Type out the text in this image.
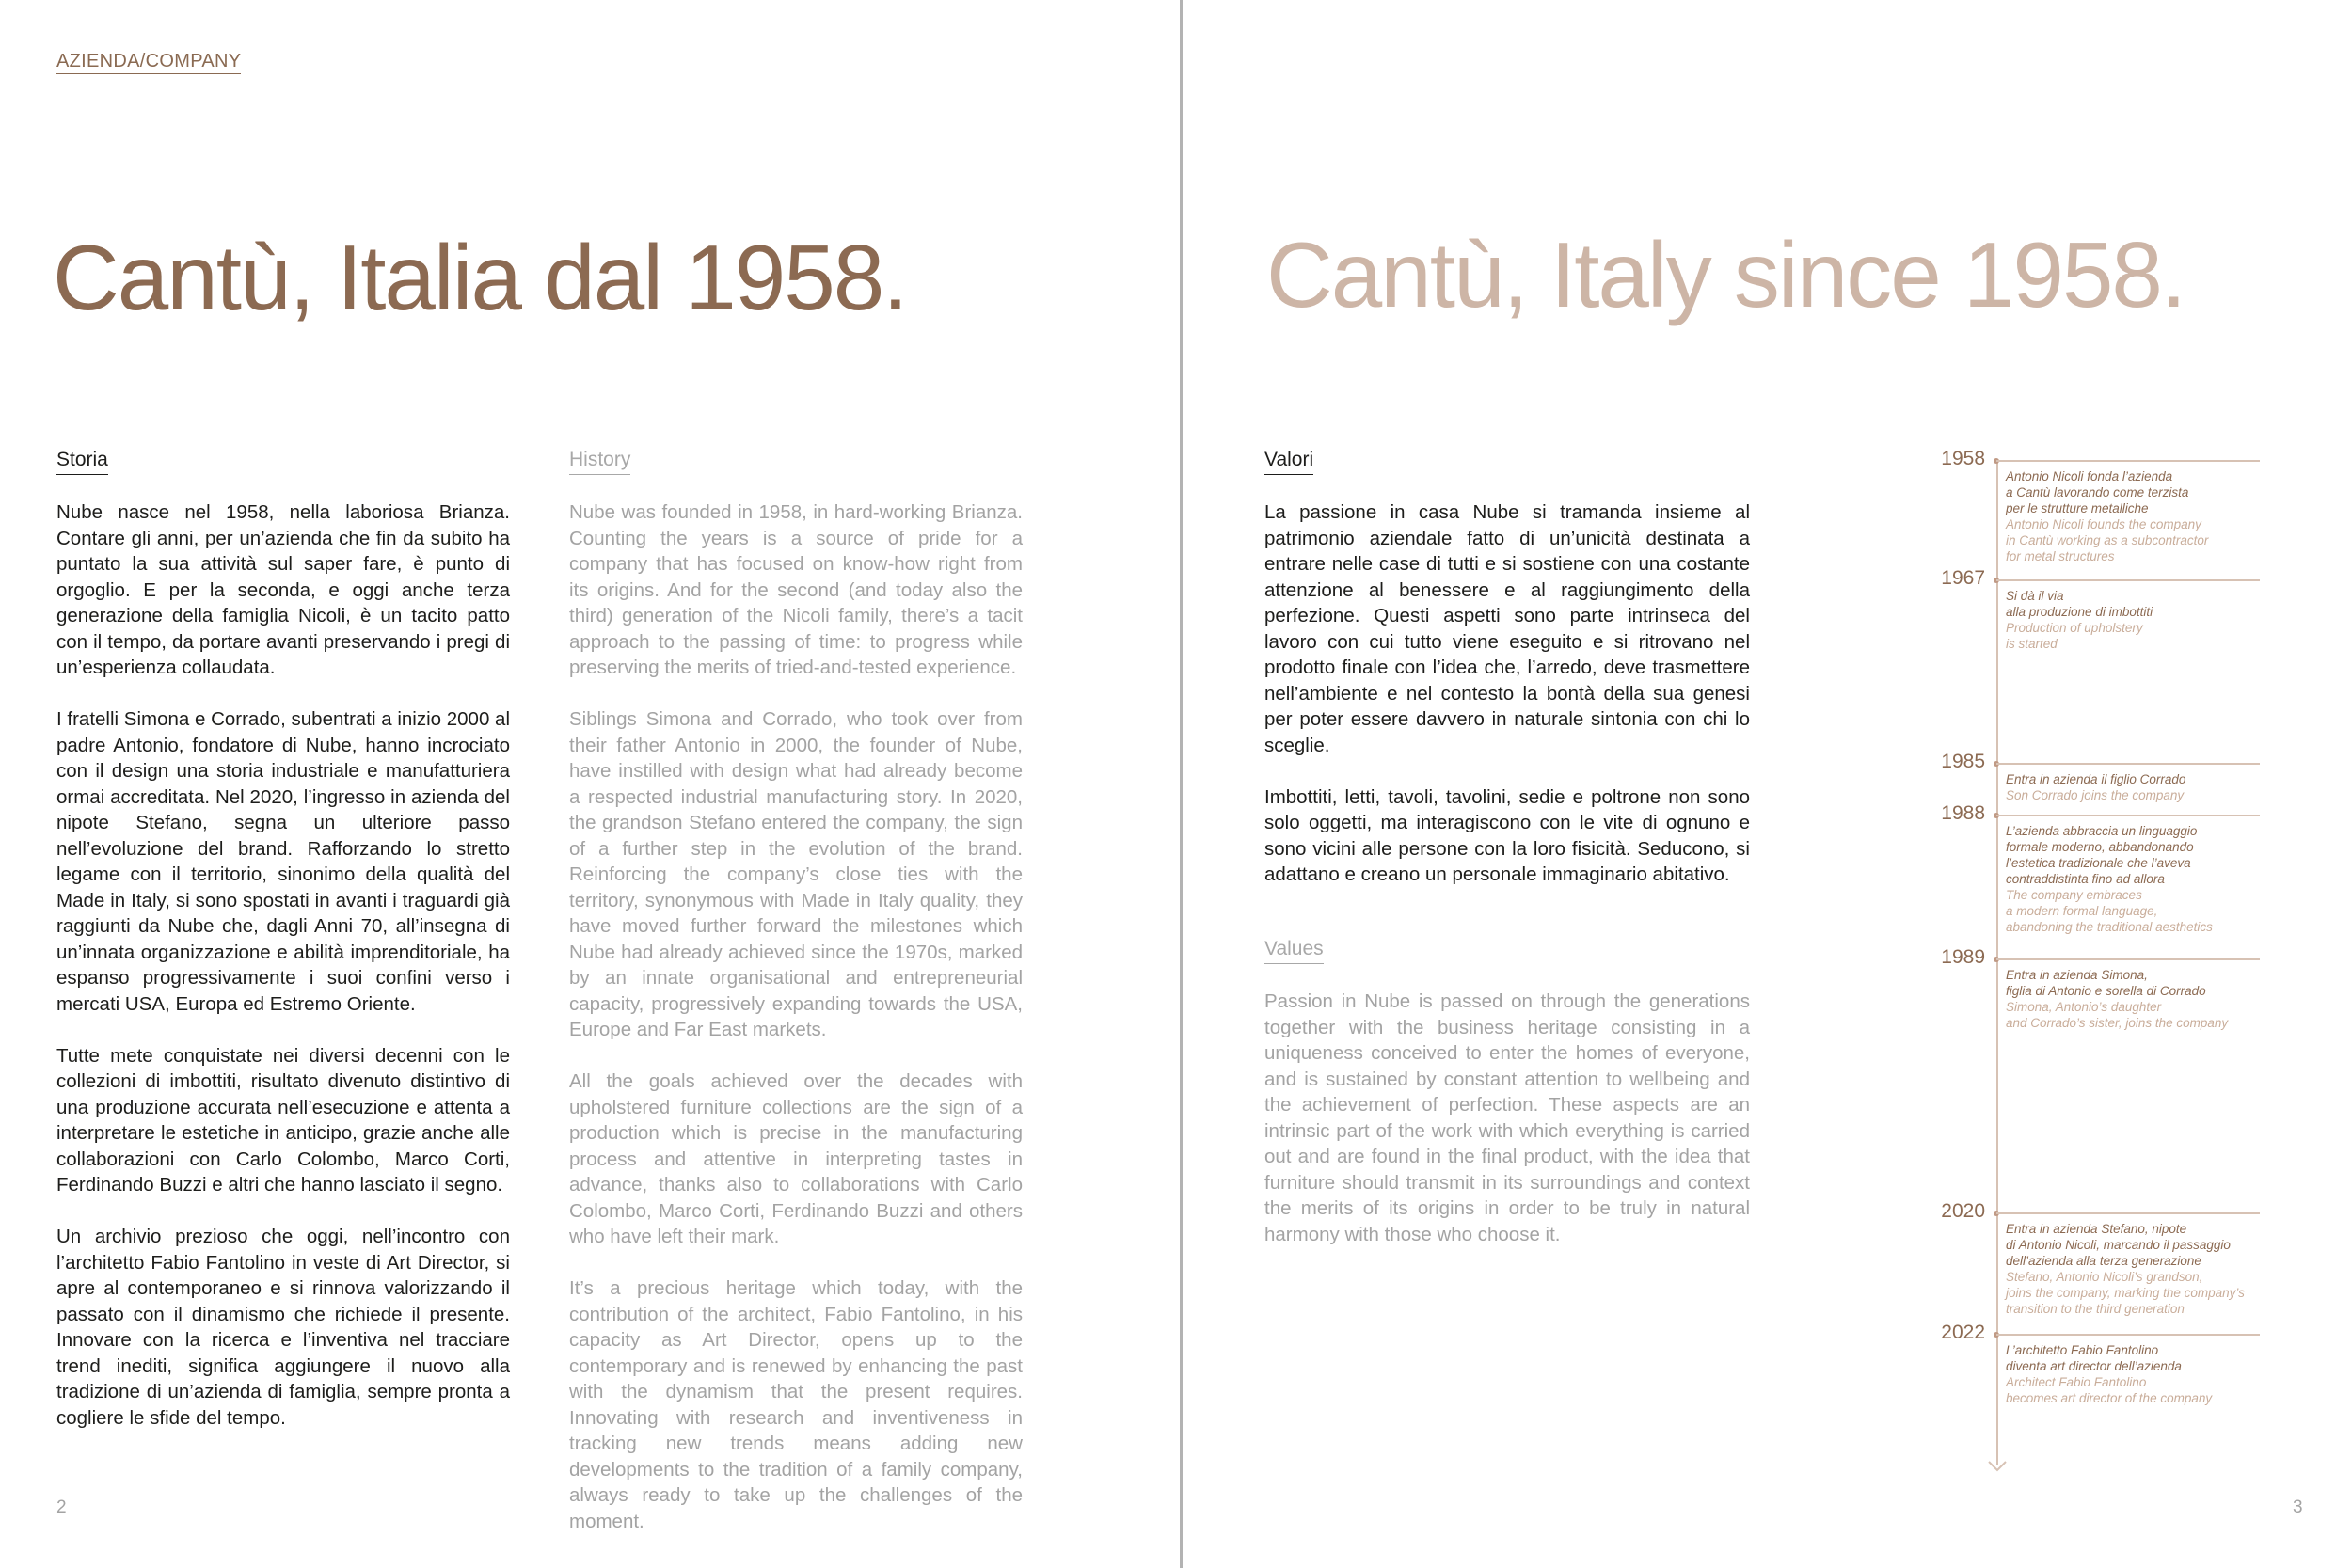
AZIENDA/COMPANY
Cantù, Italia dal 1958.
Storia

Nube nasce nel 1958, nella laboriosa Brianza. Contare gli anni, per un’azienda che fin da subito ha puntato la sua attività sul saper fare, è punto di orgoglio. E per la seconda, e oggi anche terza generazione della famiglia Nicoli, è un tacito patto con il tempo, da portare avanti preservando i pregi di un’esperienza collaudata.

I fratelli Simona e Corrado, subentrati a inizio 2000 al padre Antonio, fondatore di Nube, hanno incrociato con il design una storia industriale e manufatturiera ormai accreditata. Nel 2020, l’ingresso in azienda del nipote Stefano, segna un ulteriore passo nell’evoluzione del brand. Rafforzando lo stretto legame con il territorio, sinonimo della qualità del Made in Italy, si sono spostati in avanti i traguardi già raggiunti da Nube che, dagli Anni 70, all’insegna di un’innata organizzazione e abilità imprenditoriale, ha espanso progressivamente i suoi confini verso i mercati USA, Europa ed Estremo Oriente.

Tutte mete conquistate nei diversi decenni con le collezioni di imbottiti, risultato divenuto distintivo di una produzione accurata nell’esecuzione e attenta a interpretare le estetiche in anticipo, grazie anche alle collaborazioni con Carlo Colombo, Marco Corti, Ferdinando Buzzi e altri che hanno lasciato il segno.

Un archivio prezioso che oggi, nell’incontro con l’architetto Fabio Fantolino in veste di Art Director, si apre al contemporaneo e si rinnova valorizzando il passato con il dinamismo che richiede il presente. Innovare con la ricerca e l’inventiva nel tracciare trend inediti, significa aggiungere il nuovo alla tradizione di un’azienda di famiglia, sempre pronta a cogliere le sfide del tempo.

History

Nube was founded in 1958, in hard-working Brianza. Counting the years is a source of pride for a company that has focused on know-how right from its origins. And for the second (and today also the third) generation of the Nicoli family, there’s a tacit approach to the passing of time: to progress while preserving the merits of tried-and-tested experience.

Siblings Simona and Corrado, who took over from their father Antonio in 2000, the founder of Nube, have instilled with design what had already become a respected industrial manufacturing story. In 2020, the grandson Stefano entered the company, the sign of a further step in the evolution of the brand. Reinforcing the company’s close ties with the territory, synonymous with Made in Italy quality, they have moved further forward the milestones which Nube had already achieved since the 1970s, marked by an innate organisational and entrepreneurial capacity, progressively expanding towards the USA, Europe and Far East markets.

All the goals achieved over the decades with upholstered furniture collections are the sign of a production which is precise in the manufacturing process and attentive in interpreting tastes in advance, thanks also to collaborations with Carlo Colombo, Marco Corti, Ferdinando Buzzi and others who have left their mark.

It’s a precious heritage which today, with the contribution of the architect, Fabio Fantolino, in his capacity as Art Director, opens up to the contemporary and is renewed by enhancing the past with the dynamism that the present requires. Innovating with research and inventiveness in tracking new trends means adding new developments to the tradition of a family company, always ready to take up the challenges of the moment.

2
Cantù, Italy since 1958.
Valori

La passione in casa Nube si tramanda insieme al patrimonio aziendale fatto di un’unicità destinata a entrare nelle case di tutti e si sostiene con una costante attenzione al benessere e al raggiungimento della perfezione. Questi aspetti sono parte intrinseca del lavoro con cui tutto viene eseguito e si ritrovano nel prodotto finale con l’idea che, l’arredo, deve trasmettere nell’ambiente e nel contesto la bontà della sua genesi per poter essere davvero in naturale sintonia con chi lo sceglie.

Imbottiti, letti, tavoli, tavolini, sedie e poltrone non sono solo oggetti, ma interagiscono con le vite di ognuno e sono vicini alle persone con la loro fisicità. Seducono, si adattano e creano un personale immaginario abitativo.

Values

Passion in Nube is passed on through the generations together with the business heritage consisting in a uniqueness conceived to enter the homes of everyone, and is sustained by constant attention to wellbeing and the achievement of perfection. These aspects are an intrinsic part of the work with which everything is carried out and are found in the final product, with the idea that furniture should transmit in its surroundings and context the merits of its origins in order to be truly in natural harmony with those who choose it.

1958
Antonio Nicoli fonda l’azienda
a Cantù lavorando come terzista
per le strutture metalliche
Antonio Nicoli founds the company
in Cantù working as a subcontractor
for metal structures
1967
Si dà il via
alla produzione di imbottiti
Production of upholstery
is started
1985
Entra in azienda il figlio Corrado
Son Corrado joins the company
1988
L’azienda abbraccia un linguaggio
formale moderno, abbandonando
l’estetica tradizionale che l’aveva
contraddistinta fino ad allora
The company embraces
a modern formal language,
abandoning the traditional aesthetics
1989
Entra in azienda Simona,
figlia di Antonio e sorella di Corrado
Simona, Antonio’s daughter
and Corrado’s sister, joins the company
2020
Entra in azienda Stefano, nipote
di Antonio Nicoli, marcando il passaggio
dell’azienda alla terza generazione
Stefano, Antonio Nicoli’s grandson,
joins the company, marking the company’s
transition to the third generation
2022
L’architetto Fabio Fantolino
diventa art director dell’azienda
Architect Fabio Fantolino
becomes art director of the company
3
